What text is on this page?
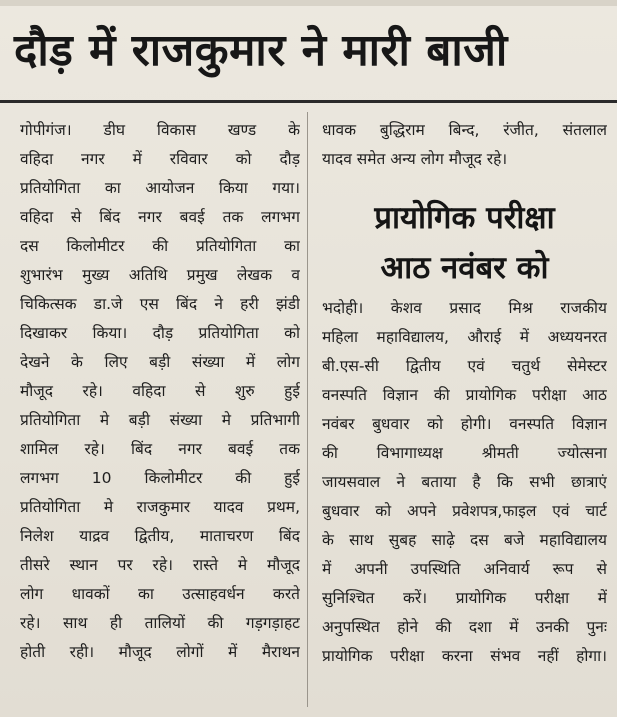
दौड़ में राजकुमार ने मारी बाजी
गोपीगंज। डीघ विकास खण्ड के
वहिदा नगर में रविवार को दौड़
प्रतियोगिता का आयोजन किया गया।
वहिदा से बिंद नगर बवई तक लगभग
दस किलोमीटर की प्रतियोगिता का
शुभारंभ मुख्य अतिथि प्रमुख लेखक व
चिकित्सक डा.जे एस बिंद ने हरी झंडी
दिखाकर किया। दौड़ प्रतियोगिता को
देखने के लिए बड़ी संख्या में लोग
मौजूद रहे। वहिदा से शुरु हुई
प्रतियोगिता मे बड़ी संख्या मे प्रतिभागी
शामिल रहे। बिंद नगर बवई तक
लगभग 10 किलोमीटर की हुई
प्रतियोगिता मे राजकुमार यादव प्रथम,
निलेश याद्रव द्वितीय, माताचरण बिंद
तीसरे स्थान पर रहे। रास्ते मे मौजूद
लोग धावकों का उत्साहवर्धन करते
रहे। साथ ही तालियों की गड़गड़ाहट
होती रही। मौजूद लोगों में मैराथन
धावक बुद्धिराम बिन्द, रंजीत, संतलाल
यादव समेत अन्य लोग मौजूद रहे।
प्रायोगिक परीक्षा
आठ नवंबर को
भदोही। केशव प्रसाद मिश्र राजकीय
महिला महाविद्यालय, औराई में अध्ययनरत
बी.एस-सी द्वितीय एवं चतुर्थ सेमेस्टर
वनस्पति विज्ञान की प्रायोगिक परीक्षा आठ
नवंबर बुधवार को होगी। वनस्पति विज्ञान
की विभागाध्यक्ष श्रीमती ज्योत्सना
जायसवाल ने बताया है कि सभी छात्राएं
बुधवार को अपने प्रवेशपत्र,फाइल एवं चार्ट
के साथ सुबह साढ़े दस बजे महाविद्यालय
में अपनी उपस्थिति अनिवार्य रूप से
सुनिश्चित करें। प्रायोगिक परीक्षा में
अनुपस्थित होने की दशा में उनकी पुनः
प्रायोगिक परीक्षा करना संभव नहीं होगा।
